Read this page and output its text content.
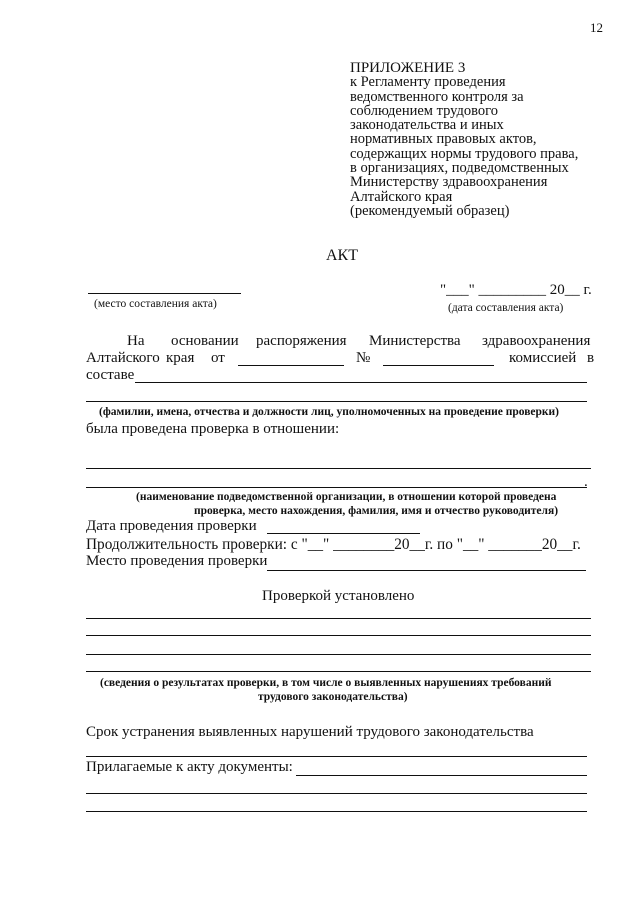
12
ПРИЛОЖЕНИЕ 3
к Регламенту проведения
ведомственного контроля за
соблюдением трудового
законодательства и иных
нормативных правовых актов,
содержащих нормы трудового права,
в организациях, подведомственных
Министерству здравоохранения
Алтайского края
(рекомендуемый образец)
АКТ
(место составления акта)
"___" _________ 20__ г.
(дата составления акта)
На основании распоряжения Министерства здравоохранения
Алтайского края от	№	комиссией в
составе
(фамилии, имена, отчества и должности лиц, уполномоченных на проведение проверки)
была проведена проверка в отношении:
.
(наименование подведомственной организации, в отношении которой проведена
проверка, место нахождения, фамилия, имя и отчество руководителя)
Дата проведения проверки
Продолжительность проверки: с "__" ________20__г. по "__" _______20__г.
Место проведения проверки
Проверкой установлено
(сведения о результатах проверки, в том числе о выявленных нарушениях требований
трудового законодательства)
Срок устранения выявленных нарушений трудового законодательства
Прилагаемые к акту документы:
